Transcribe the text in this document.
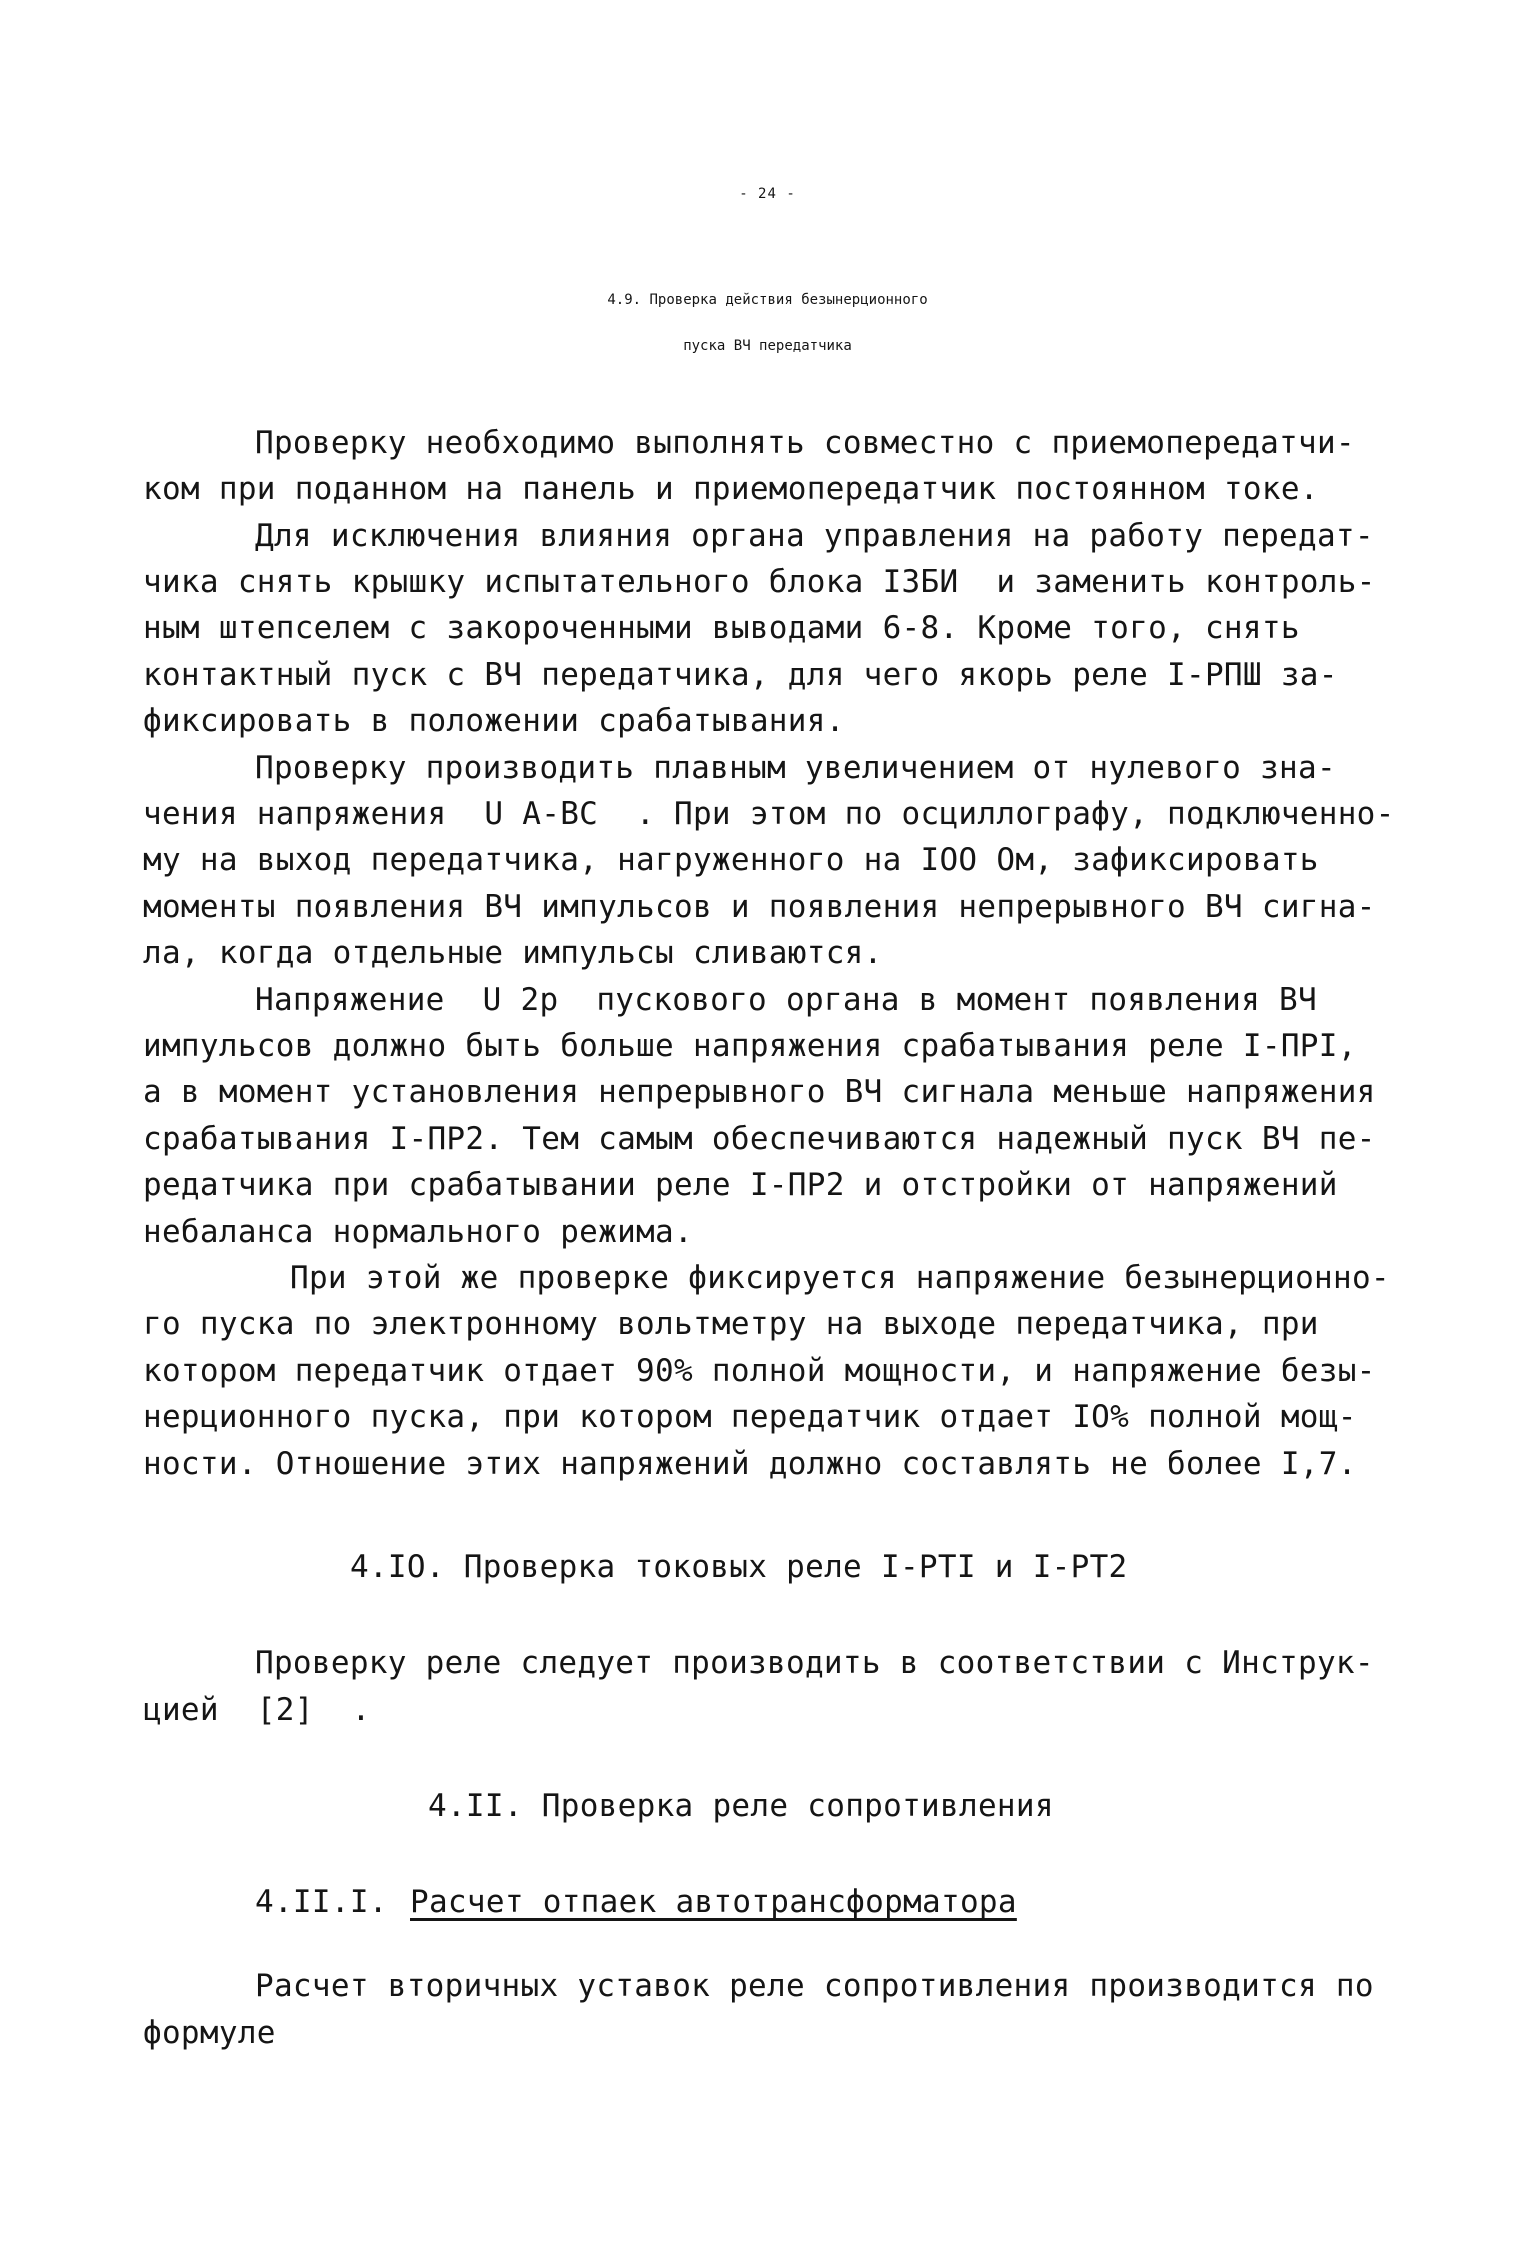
- 24 -
4.9. Проверка действия безынерционного
пуска ВЧ передатчика
Проверку необходимо выполнять совместно с приемопередатчи-
ком при поданном на панель и приемопередатчик постоянном токе.
Для исключения влияния органа управления на работу передат-
чика снять крышку испытательного блока I3БИ  и заменить контроль-
ным штепселем с закороченными выводами 6-8. Кроме того, снять
контактный пуск с ВЧ передатчика, для чего якорь реле I-РПШ за-
фиксировать в положении срабатывания.
Проверку производить плавным увеличением от нулевого зна-
чения напряжения  U A-BC  . При этом по осциллографу, подключенно-
му на выход передатчика, нагруженного на IOO Ом, зафиксировать
моменты появления ВЧ импульсов и появления непрерывного ВЧ сигна-
ла, когда отдельные импульсы сливаются.
Напряжение  U 2p  пускового органа в момент появления ВЧ
импульсов должно быть больше напряжения срабатывания реле I-ПРI,
а в момент установления непрерывного ВЧ сигнала меньше напряжения
срабатывания I-ПР2. Тем самым обеспечиваются надежный пуск ВЧ пе-
редатчика при срабатывании реле I-ПР2 и отстройки от напряжений
небаланса нормального режима.
При этой же проверке фиксируется напряжение безынерционно-
го пуска по электронному вольтметру на выходе передатчика, при
котором передатчик отдает 90% полной мощности, и напряжение безы-
нерционного пуска, при котором передатчик отдает IO% полной мощ-
ности. Отношение этих напряжений должно составлять не более I,7.
4.IO. Проверка токовых реле I-PTI и I-PT2
Проверку реле следует производить в соответствии с Инструк-
цией  [2]  .
4.II. Проверка реле сопротивления
4.II.I. Расчет отпаек автотрансформатора
Расчет вторичных уставок реле сопротивления производится по
формуле
